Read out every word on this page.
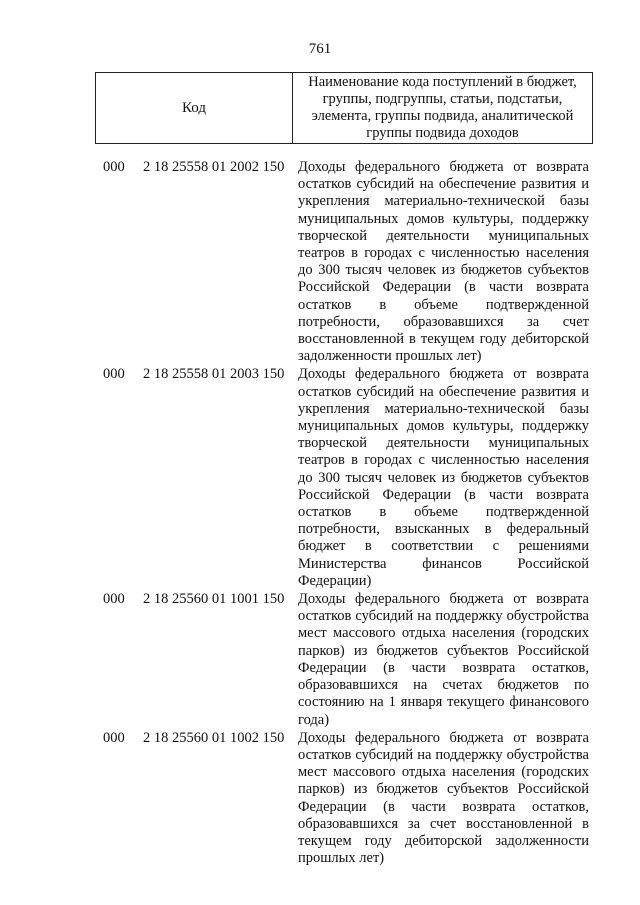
761
Код
Наименование кода поступлений в бюджет, группы, подгруппы, статьи, подстатьи, элемента, группы подвида, аналитической группы подвида доходов
000 2 18 25558 01 2002 150 Доходы федерального бюджета от возврата остатков субсидий на обеспечение развития и укрепления материально-технической базы муниципальных домов культуры, поддержку творческой деятельности муниципальных театров в городах с численностью населения до 300 тысяч человек из бюджетов субъектов Российской Федерации (в части возврата остатков в объеме подтвержденной потребности, образовавшихся за счет восстановленной в текущем году дебиторской задолженности прошлых лет)
000 2 18 25558 01 2003 150 Доходы федерального бюджета от возврата остатков субсидий на обеспечение развития и укрепления материально-технической базы муниципальных домов культуры, поддержку творческой деятельности муниципальных театров в городах с численностью населения до 300 тысяч человек из бюджетов субъектов Российской Федерации (в части возврата остатков в объеме подтвержденной потребности, взысканных в федеральный бюджет в соответствии с решениями Министерства финансов Российской Федерации)
000 2 18 25560 01 1001 150 Доходы федерального бюджета от возврата остатков субсидий на поддержку обустройства мест массового отдыха населения (городских парков) из бюджетов субъектов Российской Федерации (в части возврата остатков, образовавшихся на счетах бюджетов по состоянию на 1 января текущего финансового года)
000 2 18 25560 01 1002 150 Доходы федерального бюджета от возврата остатков субсидий на поддержку обустройства мест массового отдыха населения (городских парков) из бюджетов субъектов Российской Федерации (в части возврата остатков, образовавшихся за счет восстановленной в текущем году дебиторской задолженности прошлых лет)
